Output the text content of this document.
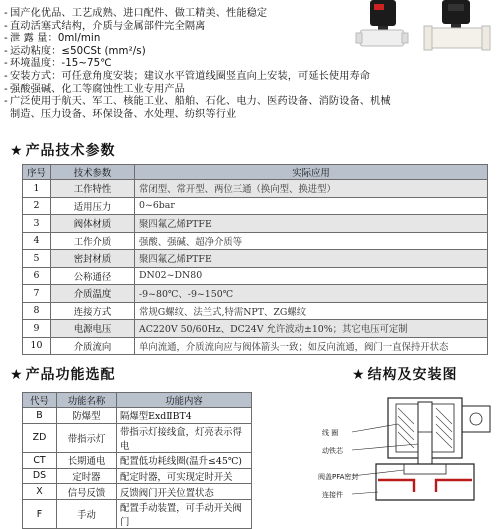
- 国产化优品、工艺成熟、进口配件、做工精美、性能稳定
- 直动活塞式结构，介质与金属部件完全隔离
- 泄 露 量：0ml/min
- 运动粘度：≤50CSt (mm²/s)
- 环境温度：-15~75℃
- 安装方式：可任意角度安装；建议水平管道线圈竖直向上安装，可延长使用寿命
- 强酸强碱、化工等腐蚀性工业专用产品
- 广泛使用于航天、军工、核能工业、船舶、石化、电力、医药设备、消防设备、机械
制造、压力设备、环保设备、水处理、纺织等行业
★ 产品技术参数
序号	技术参数	实际应用
1	工作特性	常闭型、常开型、两位三通（换向型、换进型）
2	适用压力	0~6bar
3	阀体材质	聚四氟乙烯PTFE
4	工作介质	强酸、强碱、超净介质等
5	密封材质	聚四氟乙烯PTFE
6	公称通径	DN02~DN80
7	介质温度	-9~80℃、-9~150℃
8	连接方式	常规G螺纹、法兰式,特需NPT、ZG螺纹
9	电源电压	AC220V 50/60Hz、DC24V 允许波动±10%；其它电压可定制
10	介质流向	单向流通，介质流向应与阀体箭头一致；如反向流通，阀门一直保持开状态
★ 产品功能选配	★ 结构及安装图
代号	功能名称	功能内容
B	防爆型	隔爆型ExdⅡBT4
ZD	带指示灯	带指示灯接线盒，灯亮表示得电
CT	长期通电	配置低功耗线圈(温升≤45℃)
DS	定时器	配定时器，可实现定时开关
X	信号反馈	反馈阀门开关位置状态
F	手动	配置手动装置，可手动开关阀门
线 圈
动铁芯
阀盖PFA密封
连接件
